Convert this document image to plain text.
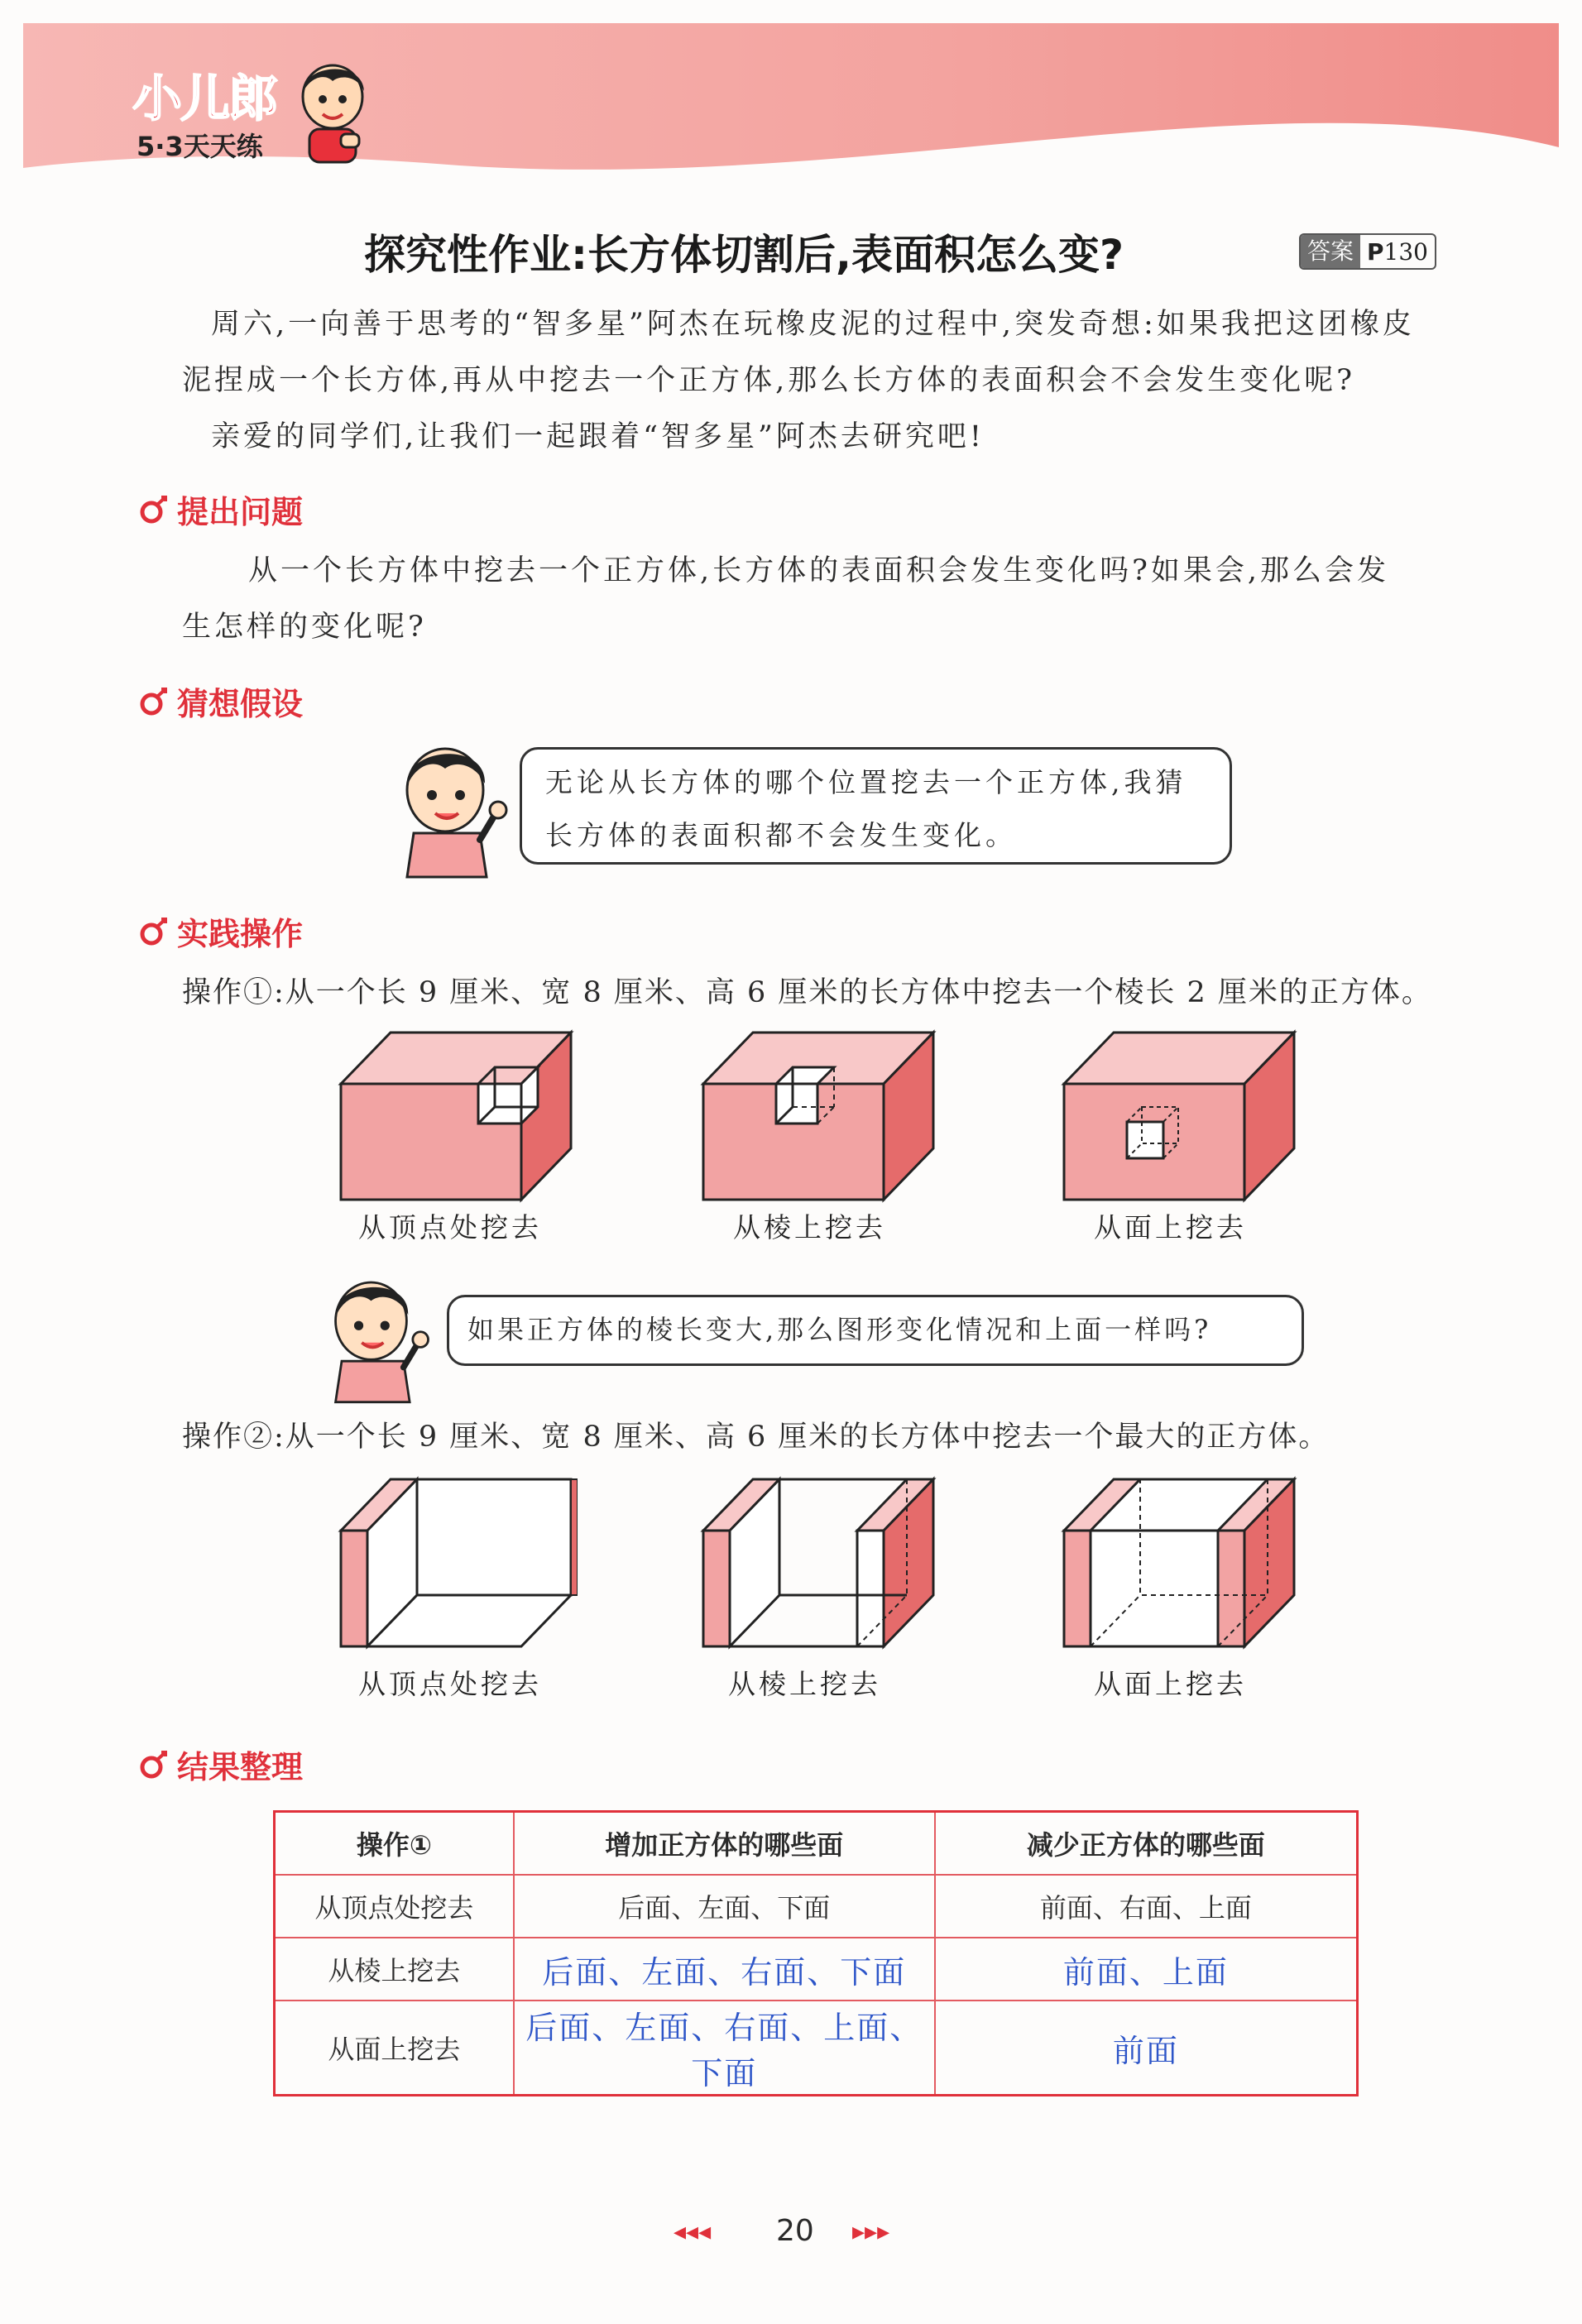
小儿郎
5·3天天练
探究性作业:长方体切割后,表面积怎么变?	答案 P130
周六,一向善于思考的“智多星”阿杰在玩橡皮泥的过程中,突发奇想:如果我把这团橡皮
泥捏成一个长方体,再从中挖去一个正方体,那么长方体的表面积会不会发生变化呢?
亲爱的同学们,让我们一起跟着“智多星”阿杰去研究吧!
提出问题
从一个长方体中挖去一个正方体,长方体的表面积会发生变化吗?如果会,那么会发
生怎样的变化呢?
猜想假设
无论从长方体的哪个位置挖去一个正方体,我猜
长方体的表面积都不会发生变化。
实践操作
操作①:从一个长 9 厘米、宽 8 厘米、高 6 厘米的长方体中挖去一个棱长 2 厘米的正方体。
从顶点处挖去	从棱上挖去	从面上挖去
如果正方体的棱长变大,那么图形变化情况和上面一样吗?
操作②:从一个长 9 厘米、宽 8 厘米、高 6 厘米的长方体中挖去一个最大的正方体。
从顶点处挖去	从棱上挖去	从面上挖去
结果整理
操作①	增加正方体的哪些面	减少正方体的哪些面
从顶点处挖去	后面、左面、下面	前面、右面、上面
从棱上挖去	后面、左面、右面、下面	前面、上面
从面上挖去	后面、左面、右面、上面、下面	前面
◂◂◂ 20 ▸▸▸
